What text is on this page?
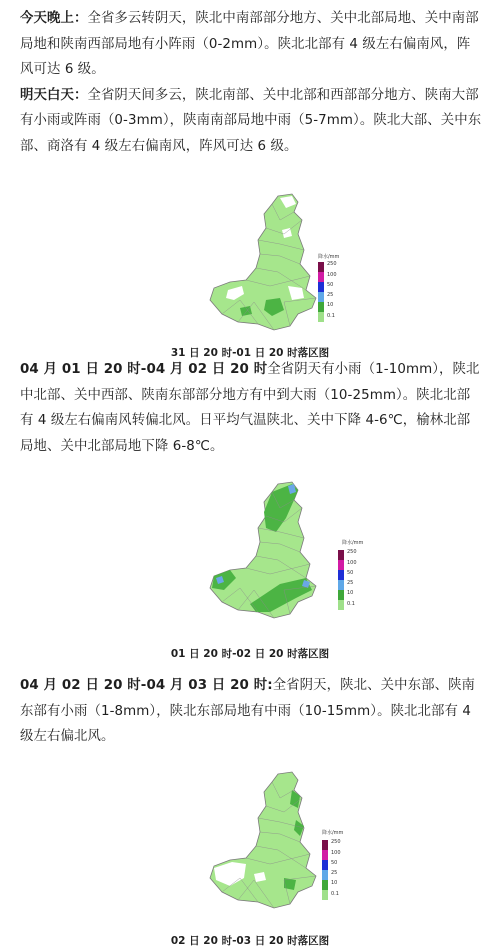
今天晚上：全省多云转阴天，陕北中南部部分地方、关中北部局地、关中南部局地和陕南西部局地有小阵雨（0-2mm）。陕北北部有 4 级左右偏南风，阵风可达 6 级。
明天白天：全省阴天间多云，陕北南部、关中北部和西部部分地方、陕南大部有小雨或阵雨（0-3mm），陕南南部局地中雨（5-7mm）。陕北大部、关中东部、商洛有 4 级左右偏南风，阵风可达 6 级。

降水/mm
250
100
50
25
10
0.1
31 日 20 时-01 日 20 时落区图

04 月 01 日 20 时-04 月 02 日 20 时全省阴天有小雨（1-10mm），陕北中北部、关中西部、陕南东部部分地方有中到大雨（10-25mm）。陕北北部有 4 级左右偏南风转偏北风。日平均气温陕北、关中下降 4-6℃，榆林北部局地、关中北部局地下降 6-8℃。

降水/mm
250
100
50
25
10
0.1
01 日 20 时-02 日 20 时落区图

04 月 02 日 20 时-04 月 03 日 20 时:全省阴天，陕北、关中东部、陕南东部有小雨（1-8mm），陕北东部局地有中雨（10-15mm）。陕北北部有 4 级左右偏北风。

降水/mm
250
100
50
25
10
0.1
02 日 20 时-03 日 20 时落区图
